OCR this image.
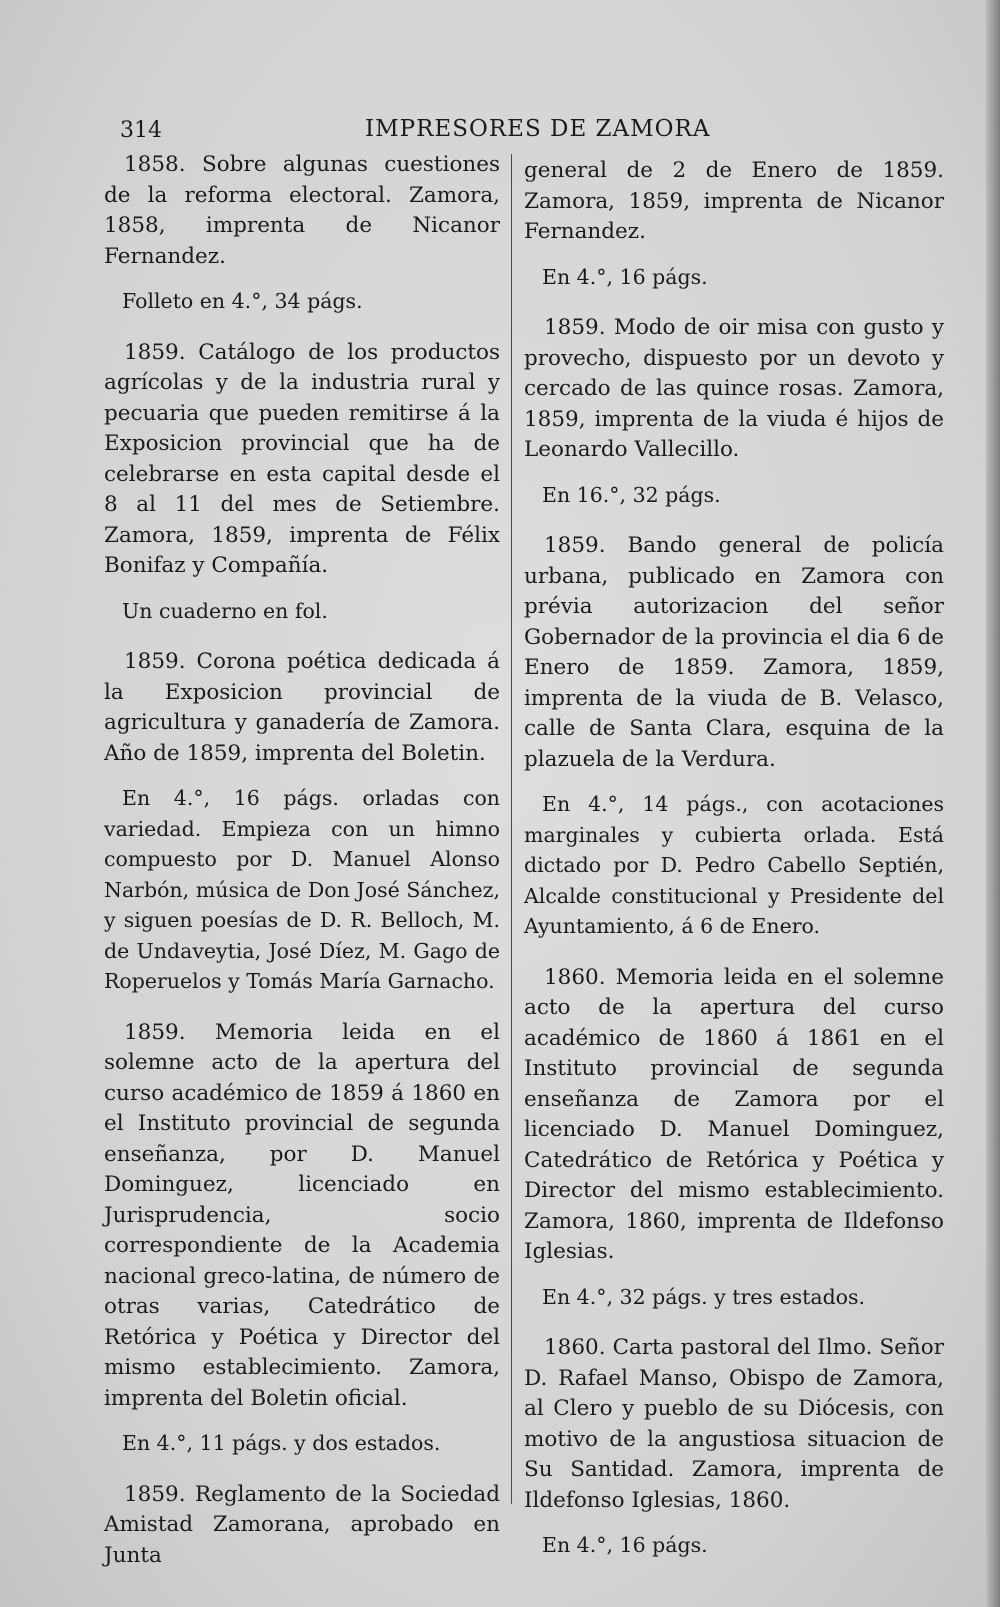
314	IMPRESORES DE ZAMORA
1858. Sobre algunas cuestiones de la reforma electoral. Zamora, 1858, imprenta de Nicanor Fernandez.
Folleto en 4.°, 34 págs.
1859. Catálogo de los productos agrícolas y de la industria rural y pecuaria que pueden remitirse á la Exposicion provincial que ha de celebrarse en esta capital desde el 8 al 11 del mes de Setiembre. Zamora, 1859, imprenta de Félix Bonifaz y Compañía.
Un cuaderno en fol.
1859. Corona poética dedicada á la Exposicion provincial de agricultura y ganadería de Zamora. Año de 1859, imprenta del Boletin.
En 4.°, 16 págs. orladas con variedad. Empieza con un himno compuesto por D. Manuel Alonso Narbón, música de Don José Sánchez, y siguen poesías de D. R. Belloch, M. de Undaveytia, José Díez, M. Gago de Roperuelos y Tomás María Garnacho.
1859. Memoria leida en el solemne acto de la apertura del curso académico de 1859 á 1860 en el Instituto provincial de segunda enseñanza, por D. Manuel Dominguez, licenciado en Jurisprudencia, socio correspondiente de la Academia nacional greco-latina, de número de otras varias, Catedrático de Retórica y Poética y Director del mismo establecimiento. Zamora, imprenta del Boletin oficial.
En 4.°, 11 págs. y dos estados.
1859. Reglamento de la Sociedad Amistad Zamorana, aprobado en Junta
general de 2 de Enero de 1859. Zamora, 1859, imprenta de Nicanor Fernandez.
En 4.°, 16 págs.
1859. Modo de oir misa con gusto y provecho, dispuesto por un devoto y cercado de las quince rosas. Zamora, 1859, imprenta de la viuda é hijos de Leonardo Vallecillo.
En 16.°, 32 págs.
1859. Bando general de policía urbana, publicado en Zamora con prévia autorizacion del señor Gobernador de la provincia el dia 6 de Enero de 1859. Zamora, 1859, imprenta de la viuda de B. Velasco, calle de Santa Clara, esquina de la plazuela de la Verdura.
En 4.°, 14 págs., con acotaciones marginales y cubierta orlada. Está dictado por D. Pedro Cabello Septién, Alcalde constitucional y Presidente del Ayuntamiento, á 6 de Enero.
1860. Memoria leida en el solemne acto de la apertura del curso académico de 1860 á 1861 en el Instituto provincial de segunda enseñanza de Zamora por el licenciado D. Manuel Dominguez, Catedrático de Retórica y Poética y Director del mismo establecimiento. Zamora, 1860, imprenta de Ildefonso Iglesias.
En 4.°, 32 págs. y tres estados.
1860. Carta pastoral del Ilmo. Señor D. Rafael Manso, Obispo de Zamora, al Clero y pueblo de su Diócesis, con motivo de la angustiosa situacion de Su Santidad. Zamora, imprenta de Ildefonso Iglesias, 1860.
En 4.°, 16 págs.
